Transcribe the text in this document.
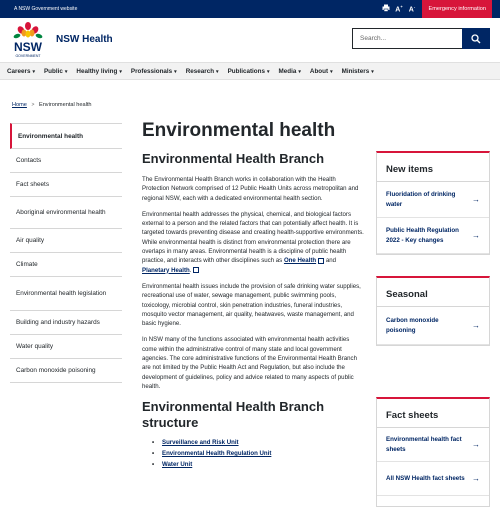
A NSW Government website	A+ A-	Emergency information
NSW
GOVERNMENT
NSW Health	Search...
Careers ▾ Public ▾ Healthy living ▾ Professionals ▾ Research ▾ Publications ▾ Media ▾ About ▾ Ministers ▾
Home > Environmental health
Environmental health
Contacts
Fact sheets
Aboriginal environmental health
Air quality
Climate
Environmental health legislation
Building and industry hazards
Water quality
Carbon monoxide poisoning
Environmental health
Environmental Health Branch

The Environmental Health Branch works in collaboration with the Health Protection Network comprised of 12 Public Health Units across metropolitan and regional NSW, each with a dedicated environmental health section.

Environmental health addresses the physical, chemical, and biological factors external to a person and the related factors that can potentially affect health. It is targeted towards preventing disease and creating health-supportive environments. While environmental health is distinct from environmental protection there are overlaps in many areas. Environmental health is a discipline of public health practice, and interacts with other disciplines such as One Health and Planetary Health.

Environmental health issues include the provision of safe drinking water supplies, recreational use of water, sewage management, public swimming pools, toxicology, microbial control, skin penetration industries, funeral industries, mosquito vector management, air quality, heatwaves, waste management, and basic hygiene.

In NSW many of the functions associated with environmental health activities come within the administrative control of many state and local government agencies. The core administrative functions of the Environmental Health Branch are not limited by the Public Health Act and Regulation, but also include the development of guidelines, policy and advice related to many aspects of public health.

Environmental Health Branch structure
• Surveillance and Risk Unit
• Environmental Health Regulation Unit
• Water Unit
New items
Fluoridation of drinking water	→
Public Health Regulation 2022 - Key changes	→
Seasonal
Carbon monoxide poisoning	→
Fact sheets
Environmental health fact sheets	→
All NSW Health fact sheets →
